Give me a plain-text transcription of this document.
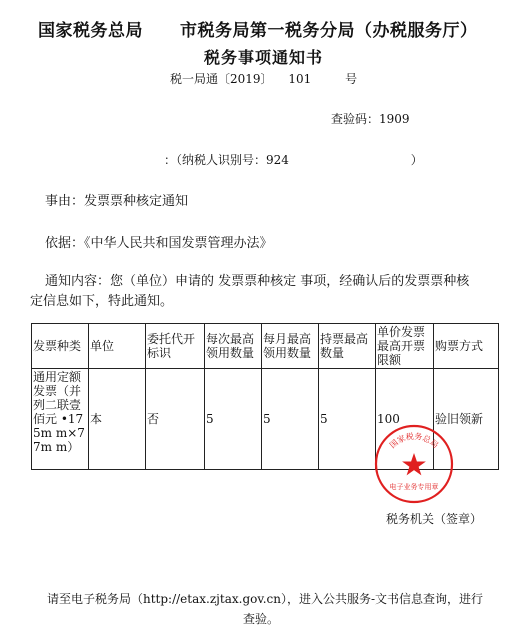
国家税务总局 市税务局第一税务分局（办税服务厅）
税务事项通知书
税一局通〔2019〕 101	号
查验码：1909
：（纳税人识别号：924	）
事由：发票票种核定通知
依据：《中华人民共和国发票管理办法》
通知内容：您（单位）申请的 发票票种核定 事项，经确认后的发票票种核
定信息如下，特此通知。
发票种类	单位	委托代开标识	每次最高领用数量	每月最高领用数量	持票最高数量	单价发票最高开票限额	购票方式
通用定额发票（并列二联壹佰元 •175m m×77m m）	本	否	5	5	5	100	验旧领新
国家税务总局
电子业务专用章
税务机关（签章）
请至电子税务局（http://etax.zjtax.gov.cn），进入公共服务-文书信息查询，进行
查验。
